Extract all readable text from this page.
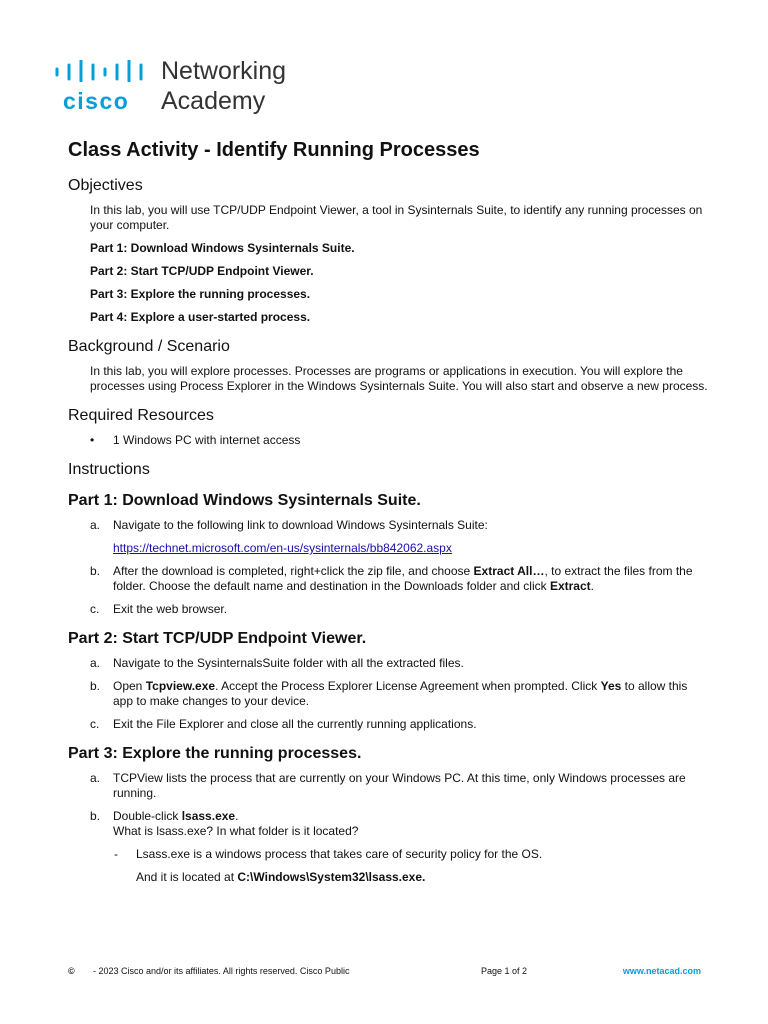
cisco
Networking
Academy
Class Activity - Identify Running Processes
Objectives

In this lab, you will use TCP/UDP Endpoint Viewer, a tool in Sysinternals Suite, to identify any running processes on your computer.

Part 1: Download Windows Sysinternals Suite.

Part 2: Start TCP/UDP Endpoint Viewer.

Part 3: Explore the running processes.

Part 4: Explore a user-started process.

Background / Scenario

In this lab, you will explore processes. Processes are programs or applications in execution. You will explore the processes using Process Explorer in the Windows Sysinternals Suite. You will also start and observe a new process.

Required Resources
• 1 Windows PC with internet access
Instructions
Part 1: Download Windows Sysinternals Suite.
a. Navigate to the following link to download Windows Sysinternals Suite:
https://technet.microsoft.com/en-us/sysinternals/bb842062.aspx
b. After the download is completed, right+click the zip file, and choose Extract All…, to extract the files from the folder. Choose the default name and destination in the Downloads folder and click Extract.
c. Exit the web browser.
Part 2: Start TCP/UDP Endpoint Viewer.
a. Navigate to the SysinternalsSuite folder with all the extracted files.
b. Open Tcpview.exe. Accept the Process Explorer License Agreement when prompted. Click Yes to allow this app to make changes to your device.
c. Exit the File Explorer and close all the currently running applications.
Part 3: Explore the running processes.
a. TCPView lists the process that are currently on your Windows PC. At this time, only Windows processes are running.
b. Double-click lsass.exe.
What is lsass.exe? In what folder is it located?
- Lsass.exe is a windows process that takes care of security policy for the OS.
And it is located at C:\Windows\System32\lsass.exe.
© - 2023 Cisco and/or its affiliates. All rights reserved. Cisco Public	Page 1 of 2	www.netacad.com
